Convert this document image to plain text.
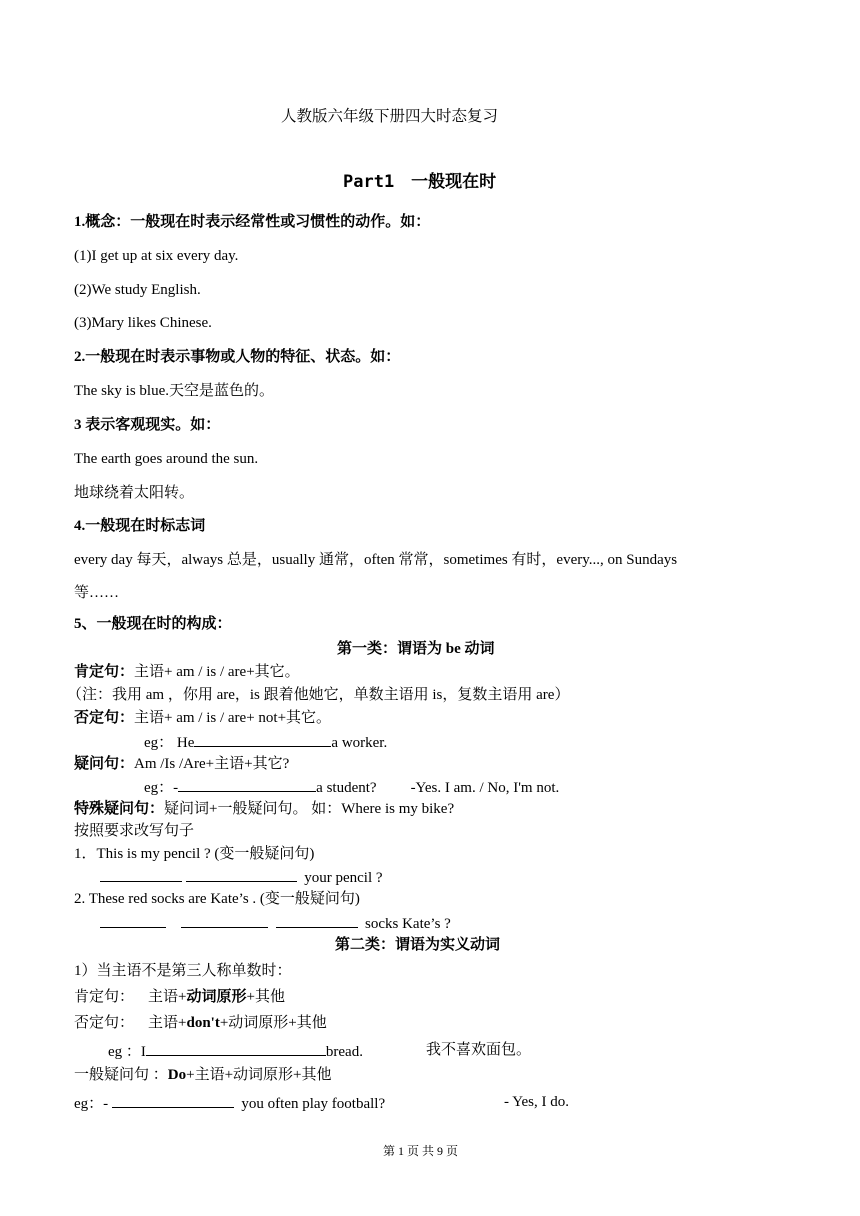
人教版六年级下册四大时态复习
Part1　一般现在时
1.概念：一般现在时表示经常性或习惯性的动作。如：
(1)I get up at six every day.
(2)We study English.
(3)Mary likes Chinese.
2.一般现在时表示事物或人物的特征、状态。如：
The sky is blue.天空是蓝色的。
3 表示客观现实。如：
The earth goes around the sun.
地球绕着太阳转。
4.一般现在时标志词
every day 每天，always 总是，usually 通常，often 常常，sometimes 有时，every..., on Sundays
等……
5、一般现在时的构成：
第一类：谓语为 be 动词
肯定句：主语+ am / is / are+其它。
（注：我用 am ，你用 are，is 跟着他她它，单数主语用 is，复数主语用 are）
否定句：主语+ am / is / are+ not+其它。
eg： He	a worker.
疑问句：Am /Is /Are+主语+其它?
eg：-	a student? -Yes. I am. / No, I'm not.
特殊疑问句：疑问词+一般疑问句。 如：Where is my bike?
按照要求改写句子
1．This is my pencil ? (变一般疑问句)
your pencil ?
2. These red socks are Kate’s . (变一般疑问句)
socks Kate’s ?
第二类：谓语为实义动词
1）当主语不是第三人称单数时：
肯定句： 主语+动词原形+其他
否定句： 主语+don't+动词原形+其他
eg ：I	bread.	我不喜欢面包。
一般疑问句 ：Do+主语+动词原形+其他
eg：-	you often play football?	- Yes, I do.
第 1 页 共 9 页
